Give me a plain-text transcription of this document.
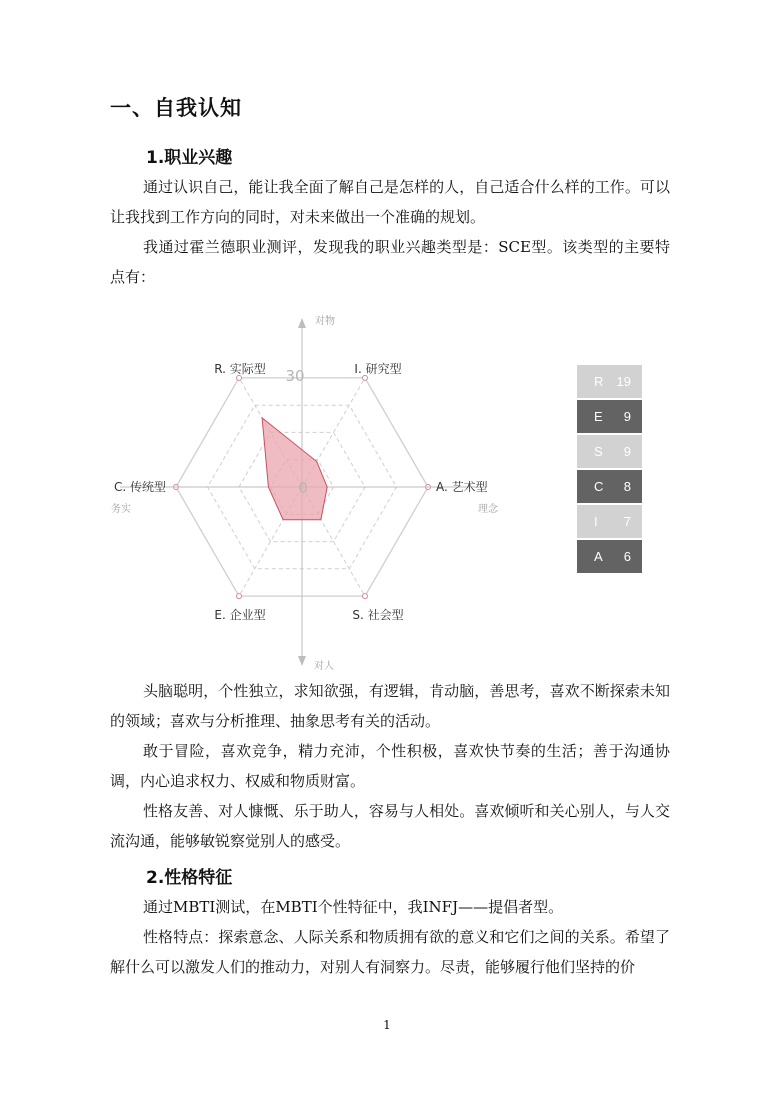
一、自我认知
1.职业兴趣

通过认识自己，能让我全面了解自己是怎样的人，自己适合什么样的工作。可以让我找到工作方向的同时，对未来做出一个准确的规划。

我通过霍兰德职业测评，发现我的职业兴趣类型是：SCE型。该类型的主要特点有：

R. 实际型	I. 研究型
A. 艺术型
S. 社会型
E. 企业型
C. 传统型
30
0
对物
对人
务实	理念
R 19
E 9
S 9
C 8
I 7
A 6

头脑聪明，个性独立，求知欲强，有逻辑，肯动脑，善思考，喜欢不断探索未知的领域；喜欢与分析推理、抽象思考有关的活动。

敢于冒险，喜欢竞争，精力充沛，个性积极，喜欢快节奏的生活；善于沟通协调，内心追求权力、权威和物质财富。

性格友善、对人慷慨、乐于助人，容易与人相处。喜欢倾听和关心别人，与人交流沟通，能够敏锐察觉别人的感受。

2.性格特征

通过MBTI测试，在MBTI个性特征中，我INFJ——提倡者型。

性格特点：探索意念、人际关系和物质拥有欲的意义和它们之间的关系。希望了解什么可以激发人们的推动力，对别人有洞察力。尽责，能够履行他们坚持的价

1
